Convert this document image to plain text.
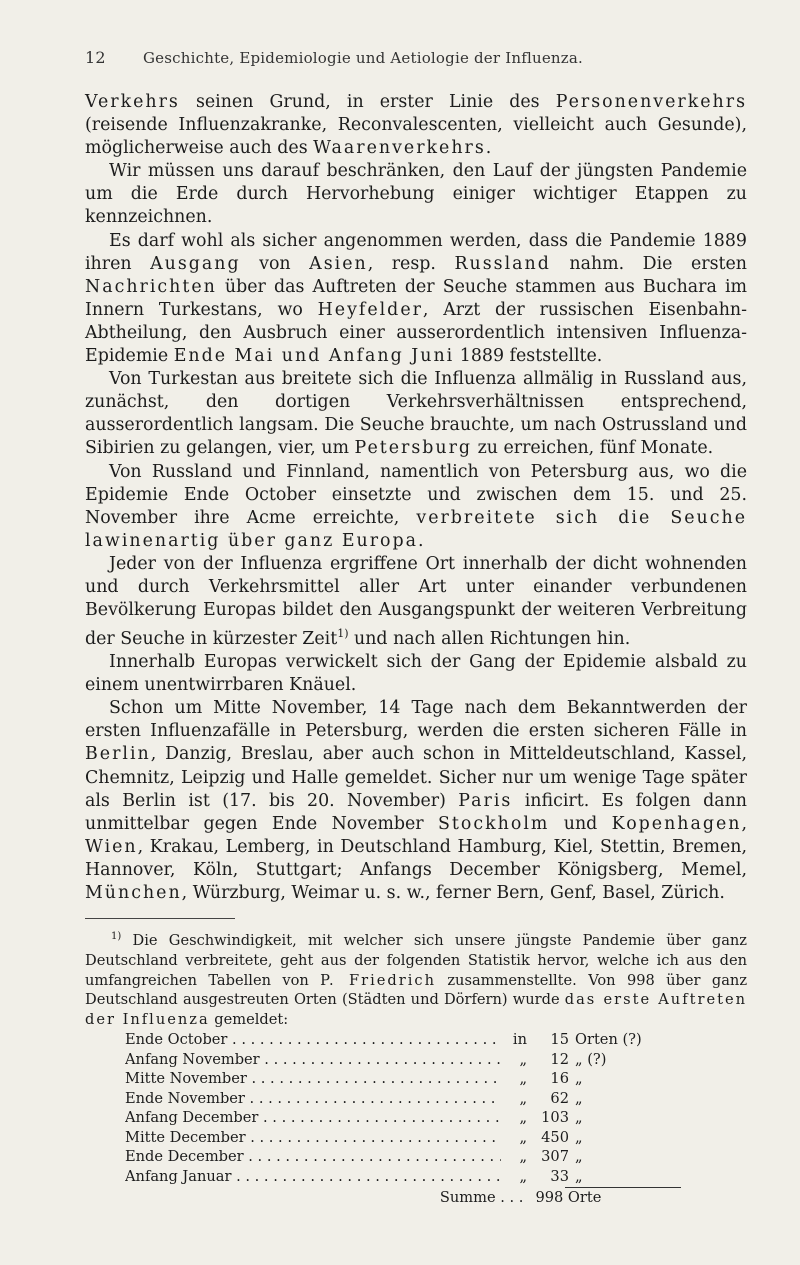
12	Geschichte, Epidemiologie und Aetiologie der Influenza.

Verkehrs seinen Grund, in erster Linie des Personenverkehrs (reisende Influenzakranke, Reconvalescenten, vielleicht auch Gesunde), möglicherweise auch des Waarenverkehrs.

Wir müssen uns darauf beschränken, den Lauf der jüngsten Pandemie um die Erde durch Hervorhebung einiger wichtiger Etappen zu kennzeichnen.

Es darf wohl als sicher angenommen werden, dass die Pandemie 1889 ihren Ausgang von Asien, resp. Russland nahm. Die ersten Nachrichten über das Auftreten der Seuche stammen aus Buchara im Innern Turkestans, wo Heyfelder, Arzt der russischen Eisenbahn-Abtheilung, den Ausbruch einer ausserordentlich intensiven Influenza-Epidemie Ende Mai und Anfang Juni 1889 feststellte.

Von Turkestan aus breitete sich die Influenza allmälig in Russland aus, zunächst, den dortigen Verkehrsverhältnissen entsprechend, ausserordentlich langsam. Die Seuche brauchte, um nach Ostrussland und Sibirien zu gelangen, vier, um Petersburg zu erreichen, fünf Monate.

Von Russland und Finnland, namentlich von Petersburg aus, wo die Epidemie Ende October einsetzte und zwischen dem 15. und 25. November ihre Acme erreichte, verbreitete sich die Seuche lawinenartig über ganz Europa.

Jeder von der Influenza ergriffene Ort innerhalb der dicht wohnenden und durch Verkehrsmittel aller Art unter einander verbundenen Bevölkerung Europas bildet den Ausgangspunkt der weiteren Verbreitung der Seuche in kürzester Zeit$^{1)}$ und nach allen Richtungen hin.

Innerhalb Europas verwickelt sich der Gang der Epidemie alsbald zu einem unentwirrbaren Knäuel.

Schon um Mitte November, 14 Tage nach dem Bekanntwerden der ersten Influenzafälle in Petersburg, werden die ersten sicheren Fälle in Berlin, Danzig, Breslau, aber auch schon in Mitteldeutschland, Kassel, Chemnitz, Leipzig und Halle gemeldet. Sicher nur um wenige Tage später als Berlin ist (17. bis 20. November) Paris inficirt. Es folgen dann unmittelbar gegen Ende November Stockholm und Kopenhagen, Wien, Krakau, Lemberg, in Deutschland Hamburg, Kiel, Stettin, Bremen, Hannover, Köln, Stuttgart; Anfangs December Königsberg, Memel, München, Würzburg, Weimar u. s. w., ferner Bern, Genf, Basel, Zürich.

$^{1)}$ Die Geschwindigkeit, mit welcher sich unsere jüngste Pandemie über ganz Deutschland verbreitete, geht aus der folgenden Statistik hervor, welche ich aus den umfangreichen Tabellen von P. Friedrich zusammenstellte. Von 998 über ganz Deutschland ausgestreuten Orten (Städten und Dörfern) wurde das erste Auftreten der Influenza gemeldet:

Ende October . . .	in	15 Orten (?)
Anfang November . . .	„	12 „ (?)
Mitte November . . .	„	16 „
Ende November . . .	„	62 „
Anfang December . . .	„ 103 „
Mitte December . . .	„ 450 „
Ende December . . .	„ 307 „
Anfang Januar . . .	„	33 „
Summe . . . 998 Orte
